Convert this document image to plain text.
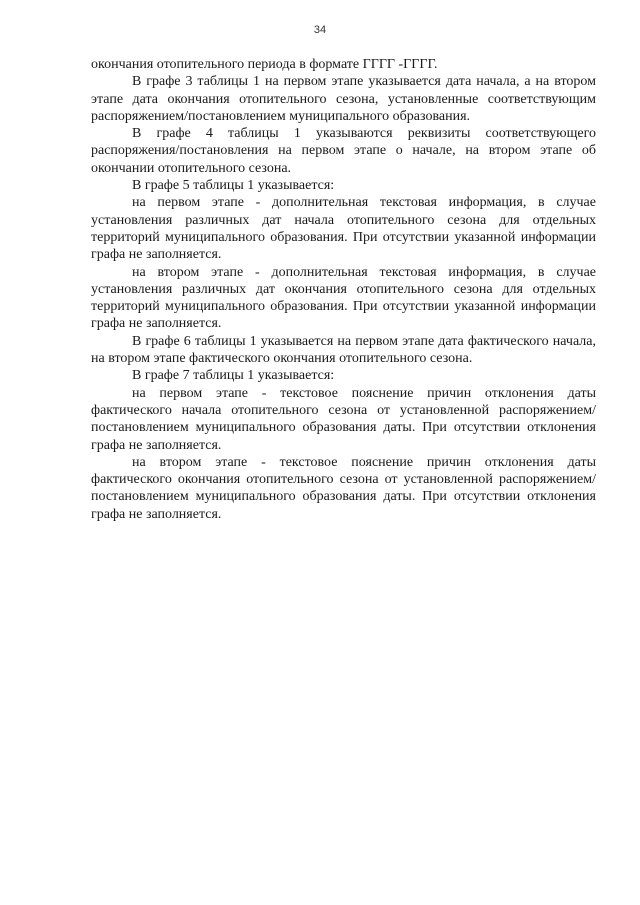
34

окончания отопительного периода в формате ГГГГ -ГГГГ.

В графе 3 таблицы 1 на первом этапе указывается дата начала, а на втором этапе дата окончания отопительного сезона, установленные соответствующим распоряжением/постановлением муниципального образования.

В графе 4 таблицы 1 указываются реквизиты соответствующего распоряжения/постановления на первом этапе о начале, на втором этапе об окончании отопительного сезона.

В графе 5 таблицы 1 указывается:

на первом этапе - дополнительная текстовая информация, в случае установления различных дат начала отопительного сезона для отдельных территорий муниципального образования. При отсутствии указанной информации графа не заполняется.

на втором этапе - дополнительная текстовая информация, в случае установления различных дат окончания отопительного сезона для отдельных территорий муниципального образования. При отсутствии указанной информации графа не заполняется.

В графе 6 таблицы 1 указывается на первом этапе дата фактического начала, на втором этапе фактического окончания отопительного сезона.

В графе 7 таблицы 1 указывается:

на первом этапе - текстовое пояснение причин отклонения даты фактического начала отопительного сезона от установленной распоряжением/постановлением муниципального образования даты. При отсутствии отклонения графа не заполняется.

на втором этапе - текстовое пояснение причин отклонения даты фактического окончания отопительного сезона от установленной распоряжением/постановлением муниципального образования даты. При отсутствии отклонения графа не заполняется.
